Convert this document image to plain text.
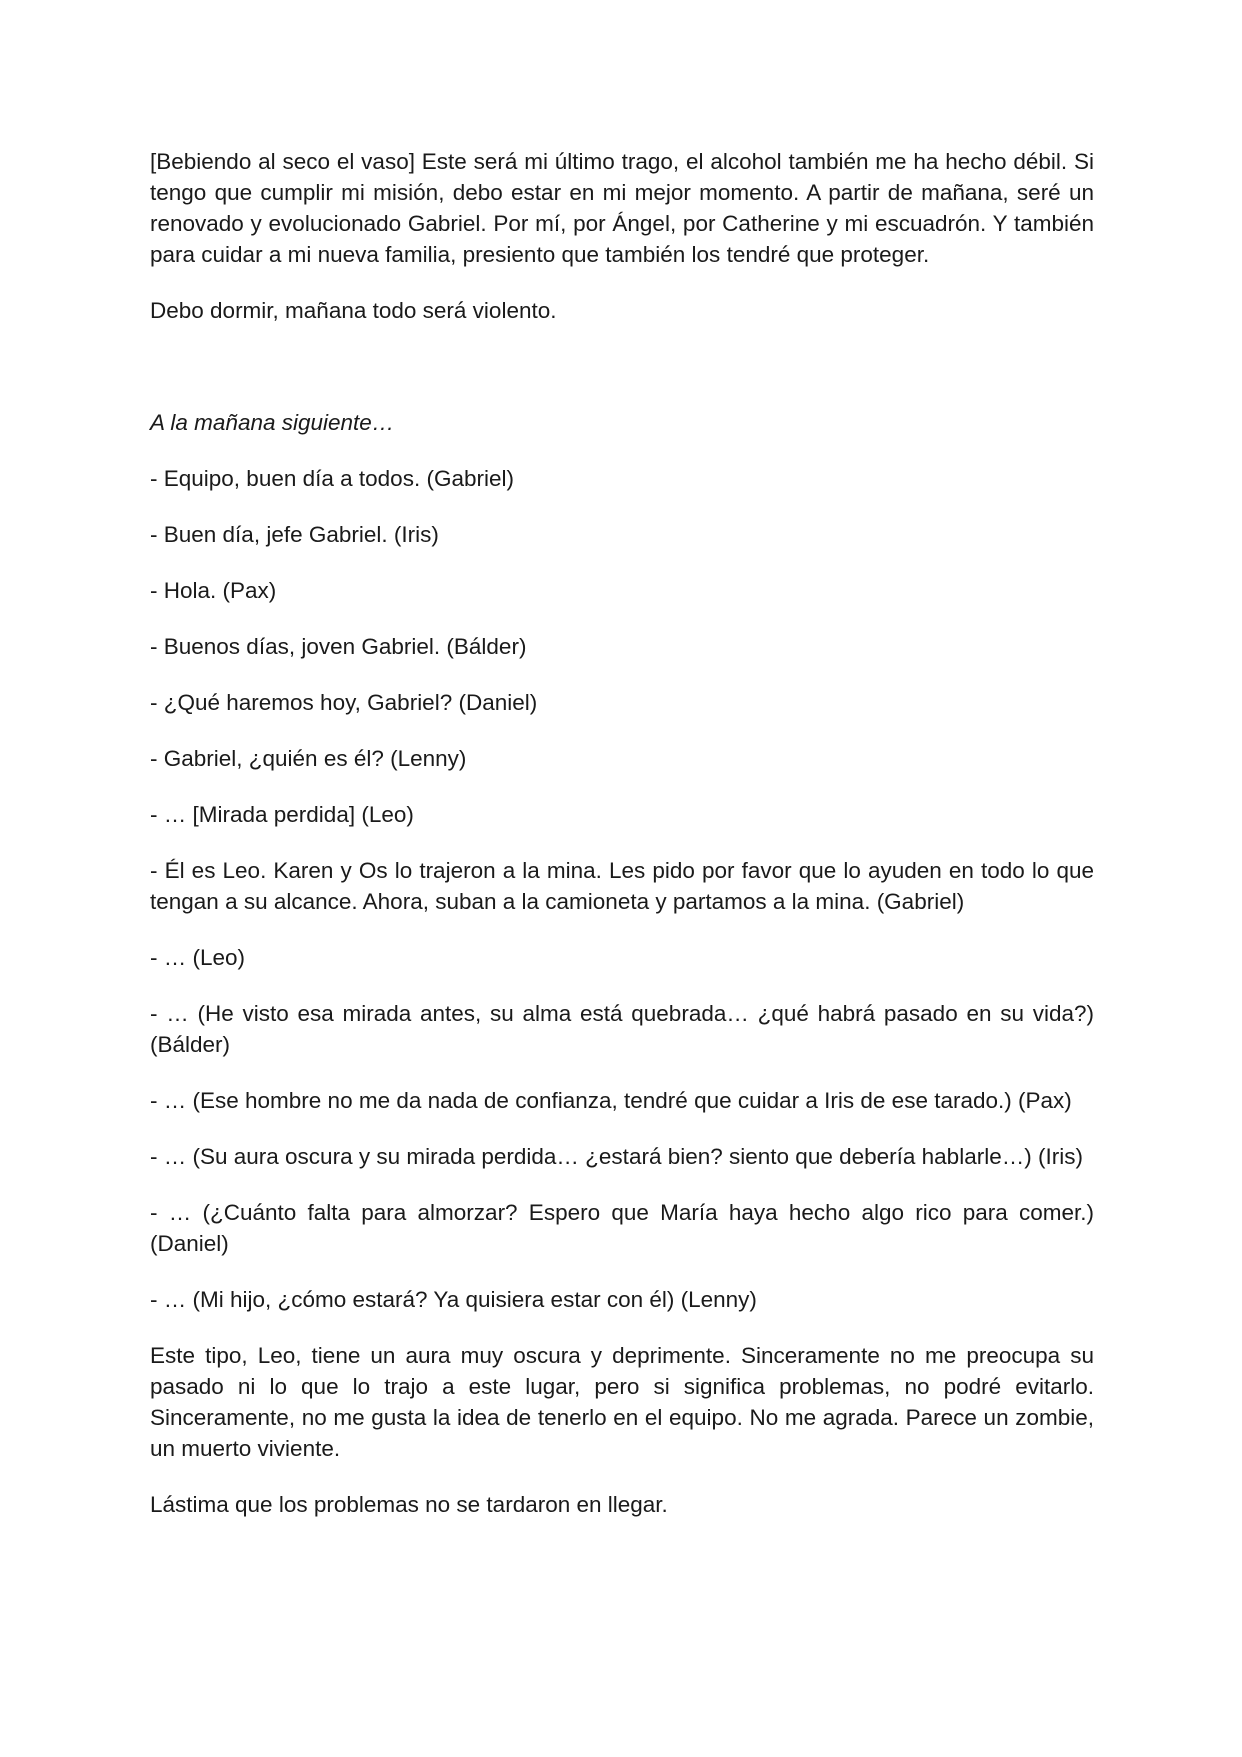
[Bebiendo al seco el vaso] Este será mi último trago, el alcohol también me ha hecho débil. Si tengo que cumplir mi misión, debo estar en mi mejor momento. A partir de mañana, seré un renovado y evolucionado Gabriel. Por mí, por Ángel, por Catherine y mi escuadrón. Y también para cuidar a mi nueva familia, presiento que también los tendré que proteger.

Debo dormir, mañana todo será violento.

A la mañana siguiente…

- Equipo, buen día a todos. (Gabriel)

- Buen día, jefe Gabriel. (Iris)

- Hola. (Pax)

- Buenos días, joven Gabriel. (Bálder)

- ¿Qué haremos hoy, Gabriel? (Daniel)

- Gabriel, ¿quién es él? (Lenny)

- … [Mirada perdida] (Leo)

- Él es Leo. Karen y Os lo trajeron a la mina. Les pido por favor que lo ayuden en todo lo que tengan a su alcance. Ahora, suban a la camioneta y partamos a la mina. (Gabriel)

- … (Leo)

- … (He visto esa mirada antes, su alma está quebrada… ¿qué habrá pasado en su vida?) (Bálder)

- … (Ese hombre no me da nada de confianza, tendré que cuidar a Iris de ese tarado.) (Pax)

- … (Su aura oscura y su mirada perdida… ¿estará bien? siento que debería hablarle…) (Iris)

- … (¿Cuánto falta para almorzar? Espero que María haya hecho algo rico para comer.) (Daniel)

- … (Mi hijo, ¿cómo estará? Ya quisiera estar con él) (Lenny)

Este tipo, Leo, tiene un aura muy oscura y deprimente. Sinceramente no me preocupa su pasado ni lo que lo trajo a este lugar, pero si significa problemas, no podré evitarlo. Sinceramente, no me gusta la idea de tenerlo en el equipo. No me agrada. Parece un zombie, un muerto viviente.

Lástima que los problemas no se tardaron en llegar.
